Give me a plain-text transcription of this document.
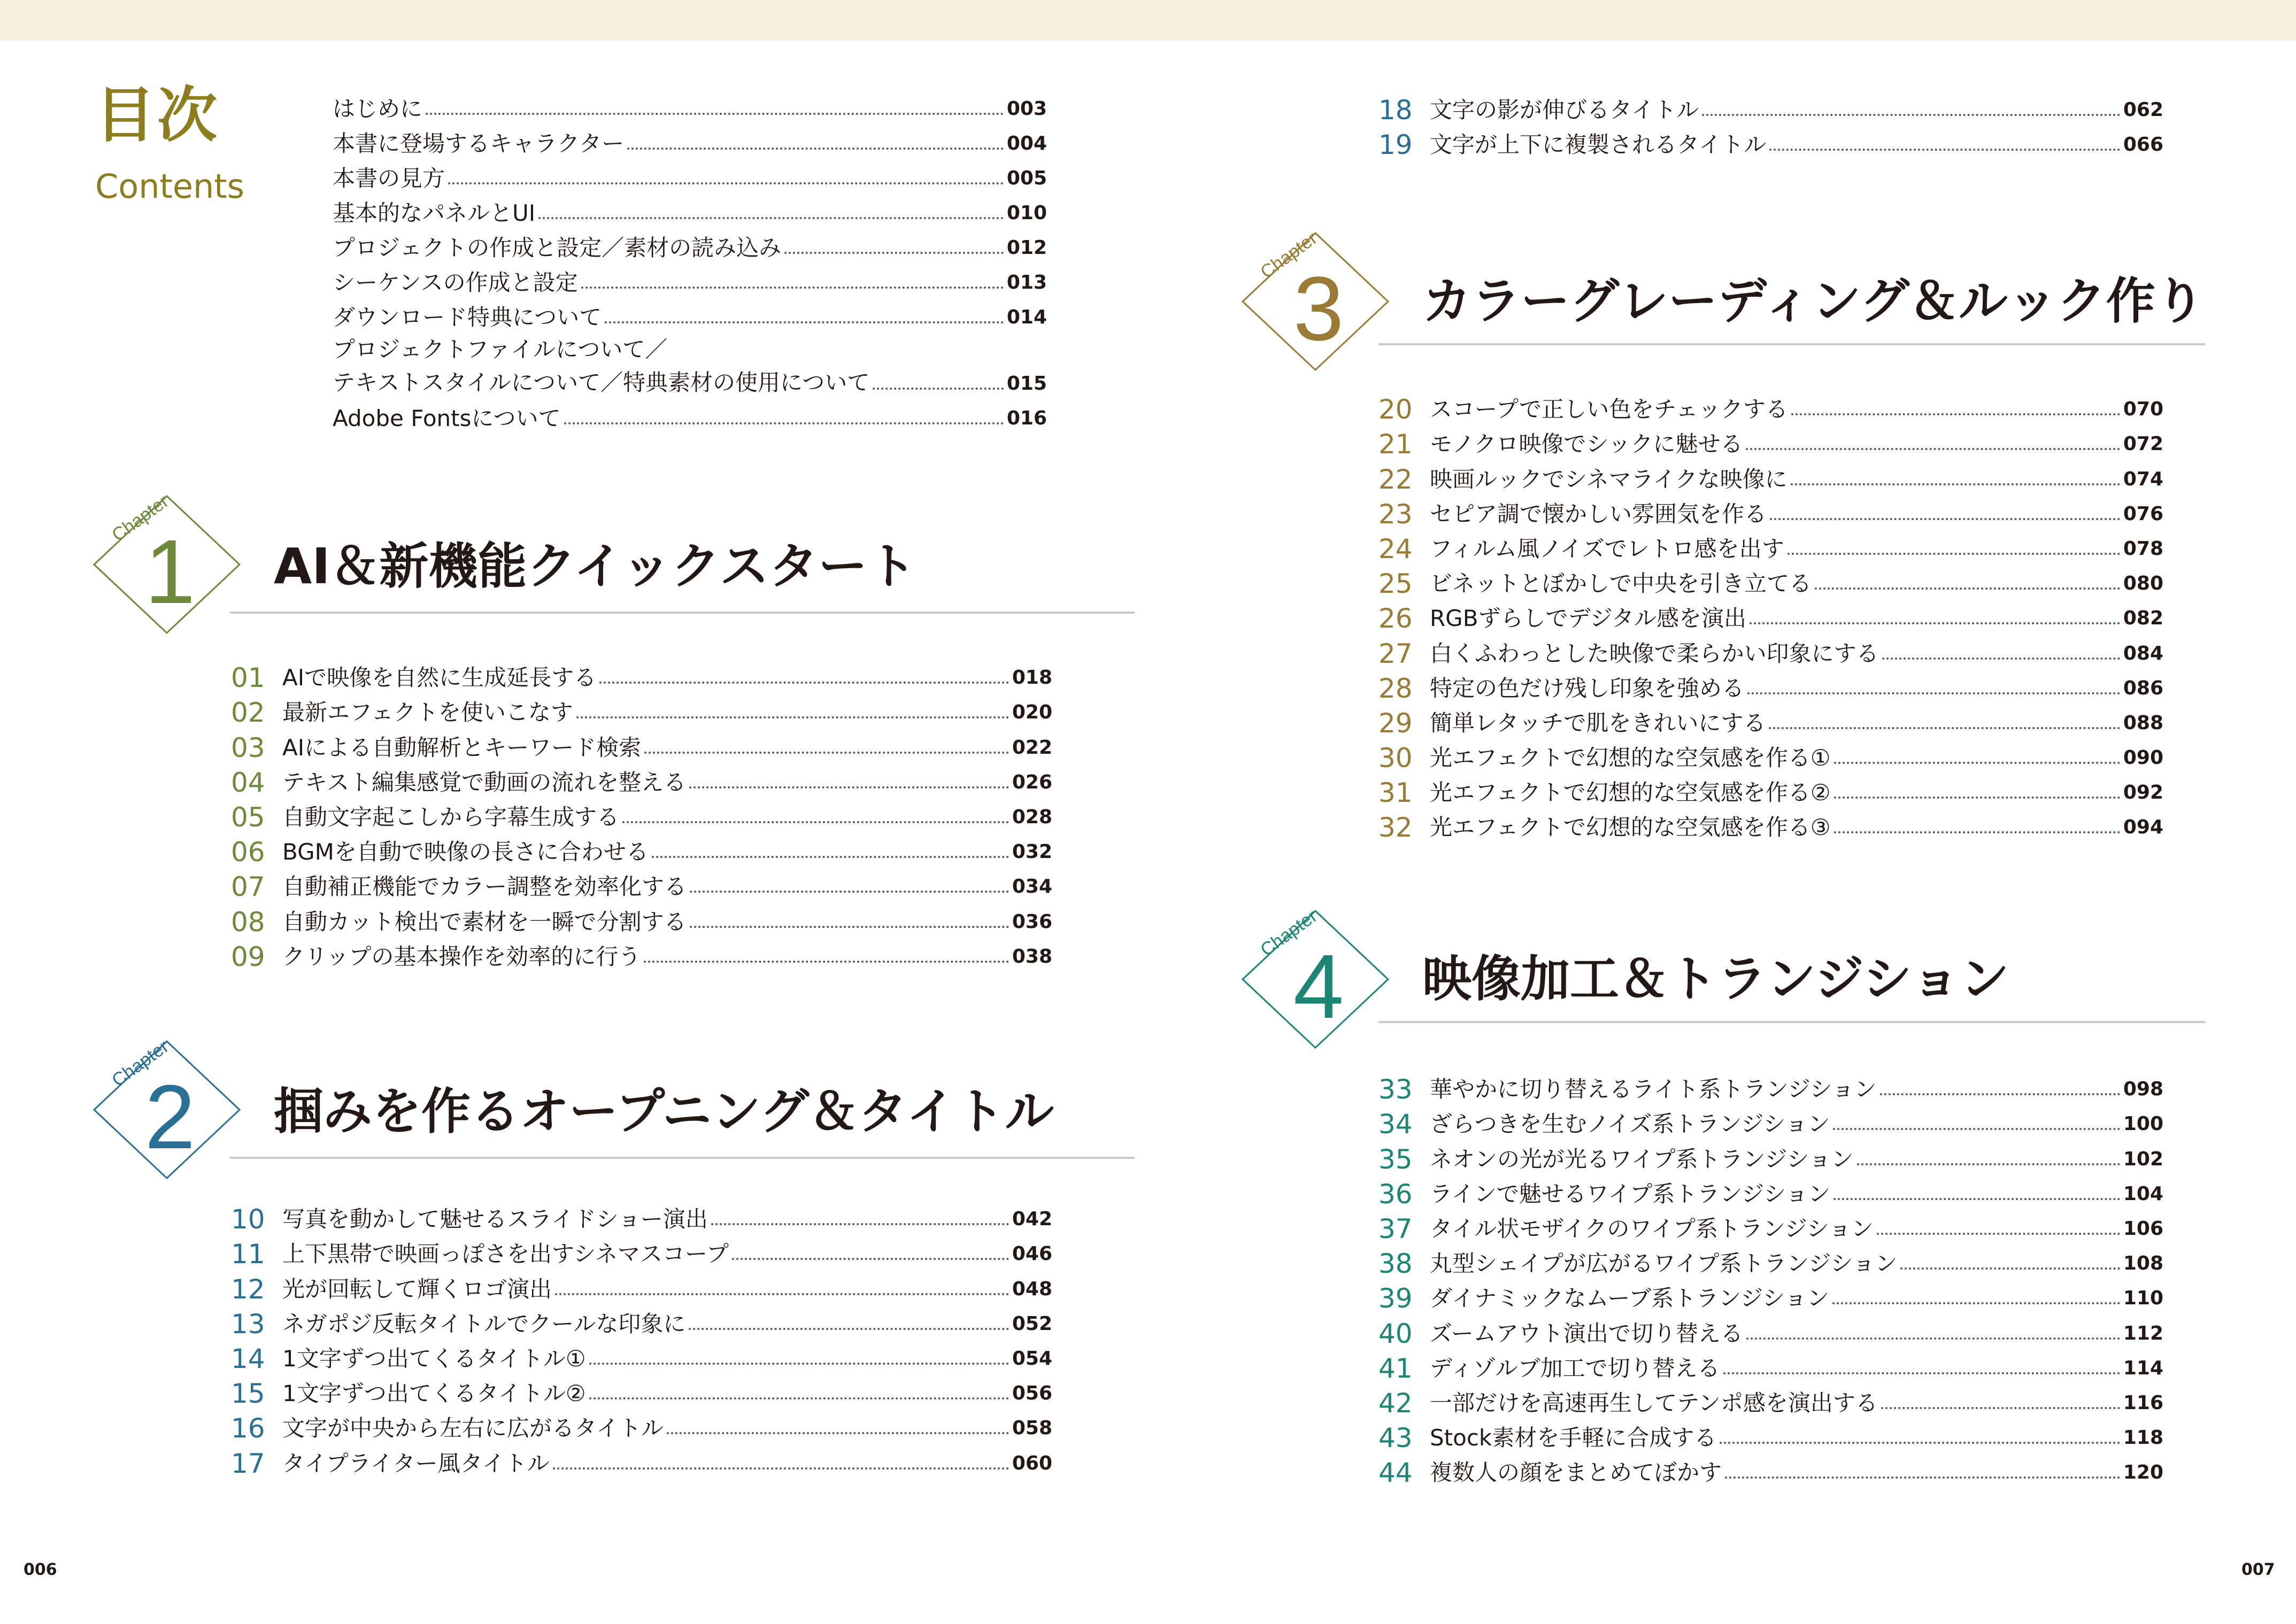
目次
Contents
はじめに	003
本書に登場するキャラクター	004
本書の見方	005
基本的なパネルとUI	010
プロジェクトの作成と設定／素材の読み込み	012
シーケンスの作成と設定	013
ダウンロード特典について	014
プロジェクトファイルについて／
テキストスタイルについて／特典素材の使用について	015
Adobe Fontsについて	016
Chapter
1 AI＆新機能クイックスタート
01 AIで映像を自然に生成延長する	018
02 最新エフェクトを使いこなす	020
03 AIによる自動解析とキーワード検索	022
04 テキスト編集感覚で動画の流れを整える	026
05 自動文字起こしから字幕生成する	028
06 BGMを自動で映像の長さに合わせる	032
07 自動補正機能でカラー調整を効率化する	034
08 自動カット検出で素材を一瞬で分割する	036
09 クリップの基本操作を効率的に行う	038
Chapter
2 掴みを作るオープニング＆タイトル
10 写真を動かして魅せるスライドショー演出	042
11 上下黒帯で映画っぽさを出すシネマスコープ	046
12 光が回転して輝くロゴ演出	048
13 ネガポジ反転タイトルでクールな印象に	052
14 1文字ずつ出てくるタイトル①	054
15 1文字ずつ出てくるタイトル②	056
16 文字が中央から左右に広がるタイトル	058
17 タイプライター風タイトル	060
18 文字の影が伸びるタイトル	062
19 文字が上下に複製されるタイトル	066
Chapter
3 カラーグレーディング＆ルック作り
20 スコープで正しい色をチェックする	070
21 モノクロ映像でシックに魅せる	072
22 映画ルックでシネマライクな映像に	074
23 セピア調で懐かしい雰囲気を作る	076
24 フィルム風ノイズでレトロ感を出す	078
25 ビネットとぼかしで中央を引き立てる	080
26 RGBずらしでデジタル感を演出	082
27 白くふわっとした映像で柔らかい印象にする	084
28 特定の色だけ残し印象を強める	086
29 簡単レタッチで肌をきれいにする	088
30 光エフェクトで幻想的な空気感を作る①	090
31 光エフェクトで幻想的な空気感を作る②	092
32 光エフェクトで幻想的な空気感を作る③	094
Chapter
4 映像加工＆トランジション
33 華やかに切り替えるライト系トランジション	098
34 ざらつきを生むノイズ系トランジション	100
35 ネオンの光が光るワイプ系トランジション	102
36 ラインで魅せるワイプ系トランジション	104
37 タイル状モザイクのワイプ系トランジション	106
38 丸型シェイプが広がるワイプ系トランジション	108
39 ダイナミックなムーブ系トランジション	110
40 ズームアウト演出で切り替える	112
41 ディゾルブ加工で切り替える	114
42 一部だけを高速再生してテンポ感を演出する	116
43 Stock素材を手軽に合成する	118
44 複数人の顔をまとめてぼかす	120
006	007
